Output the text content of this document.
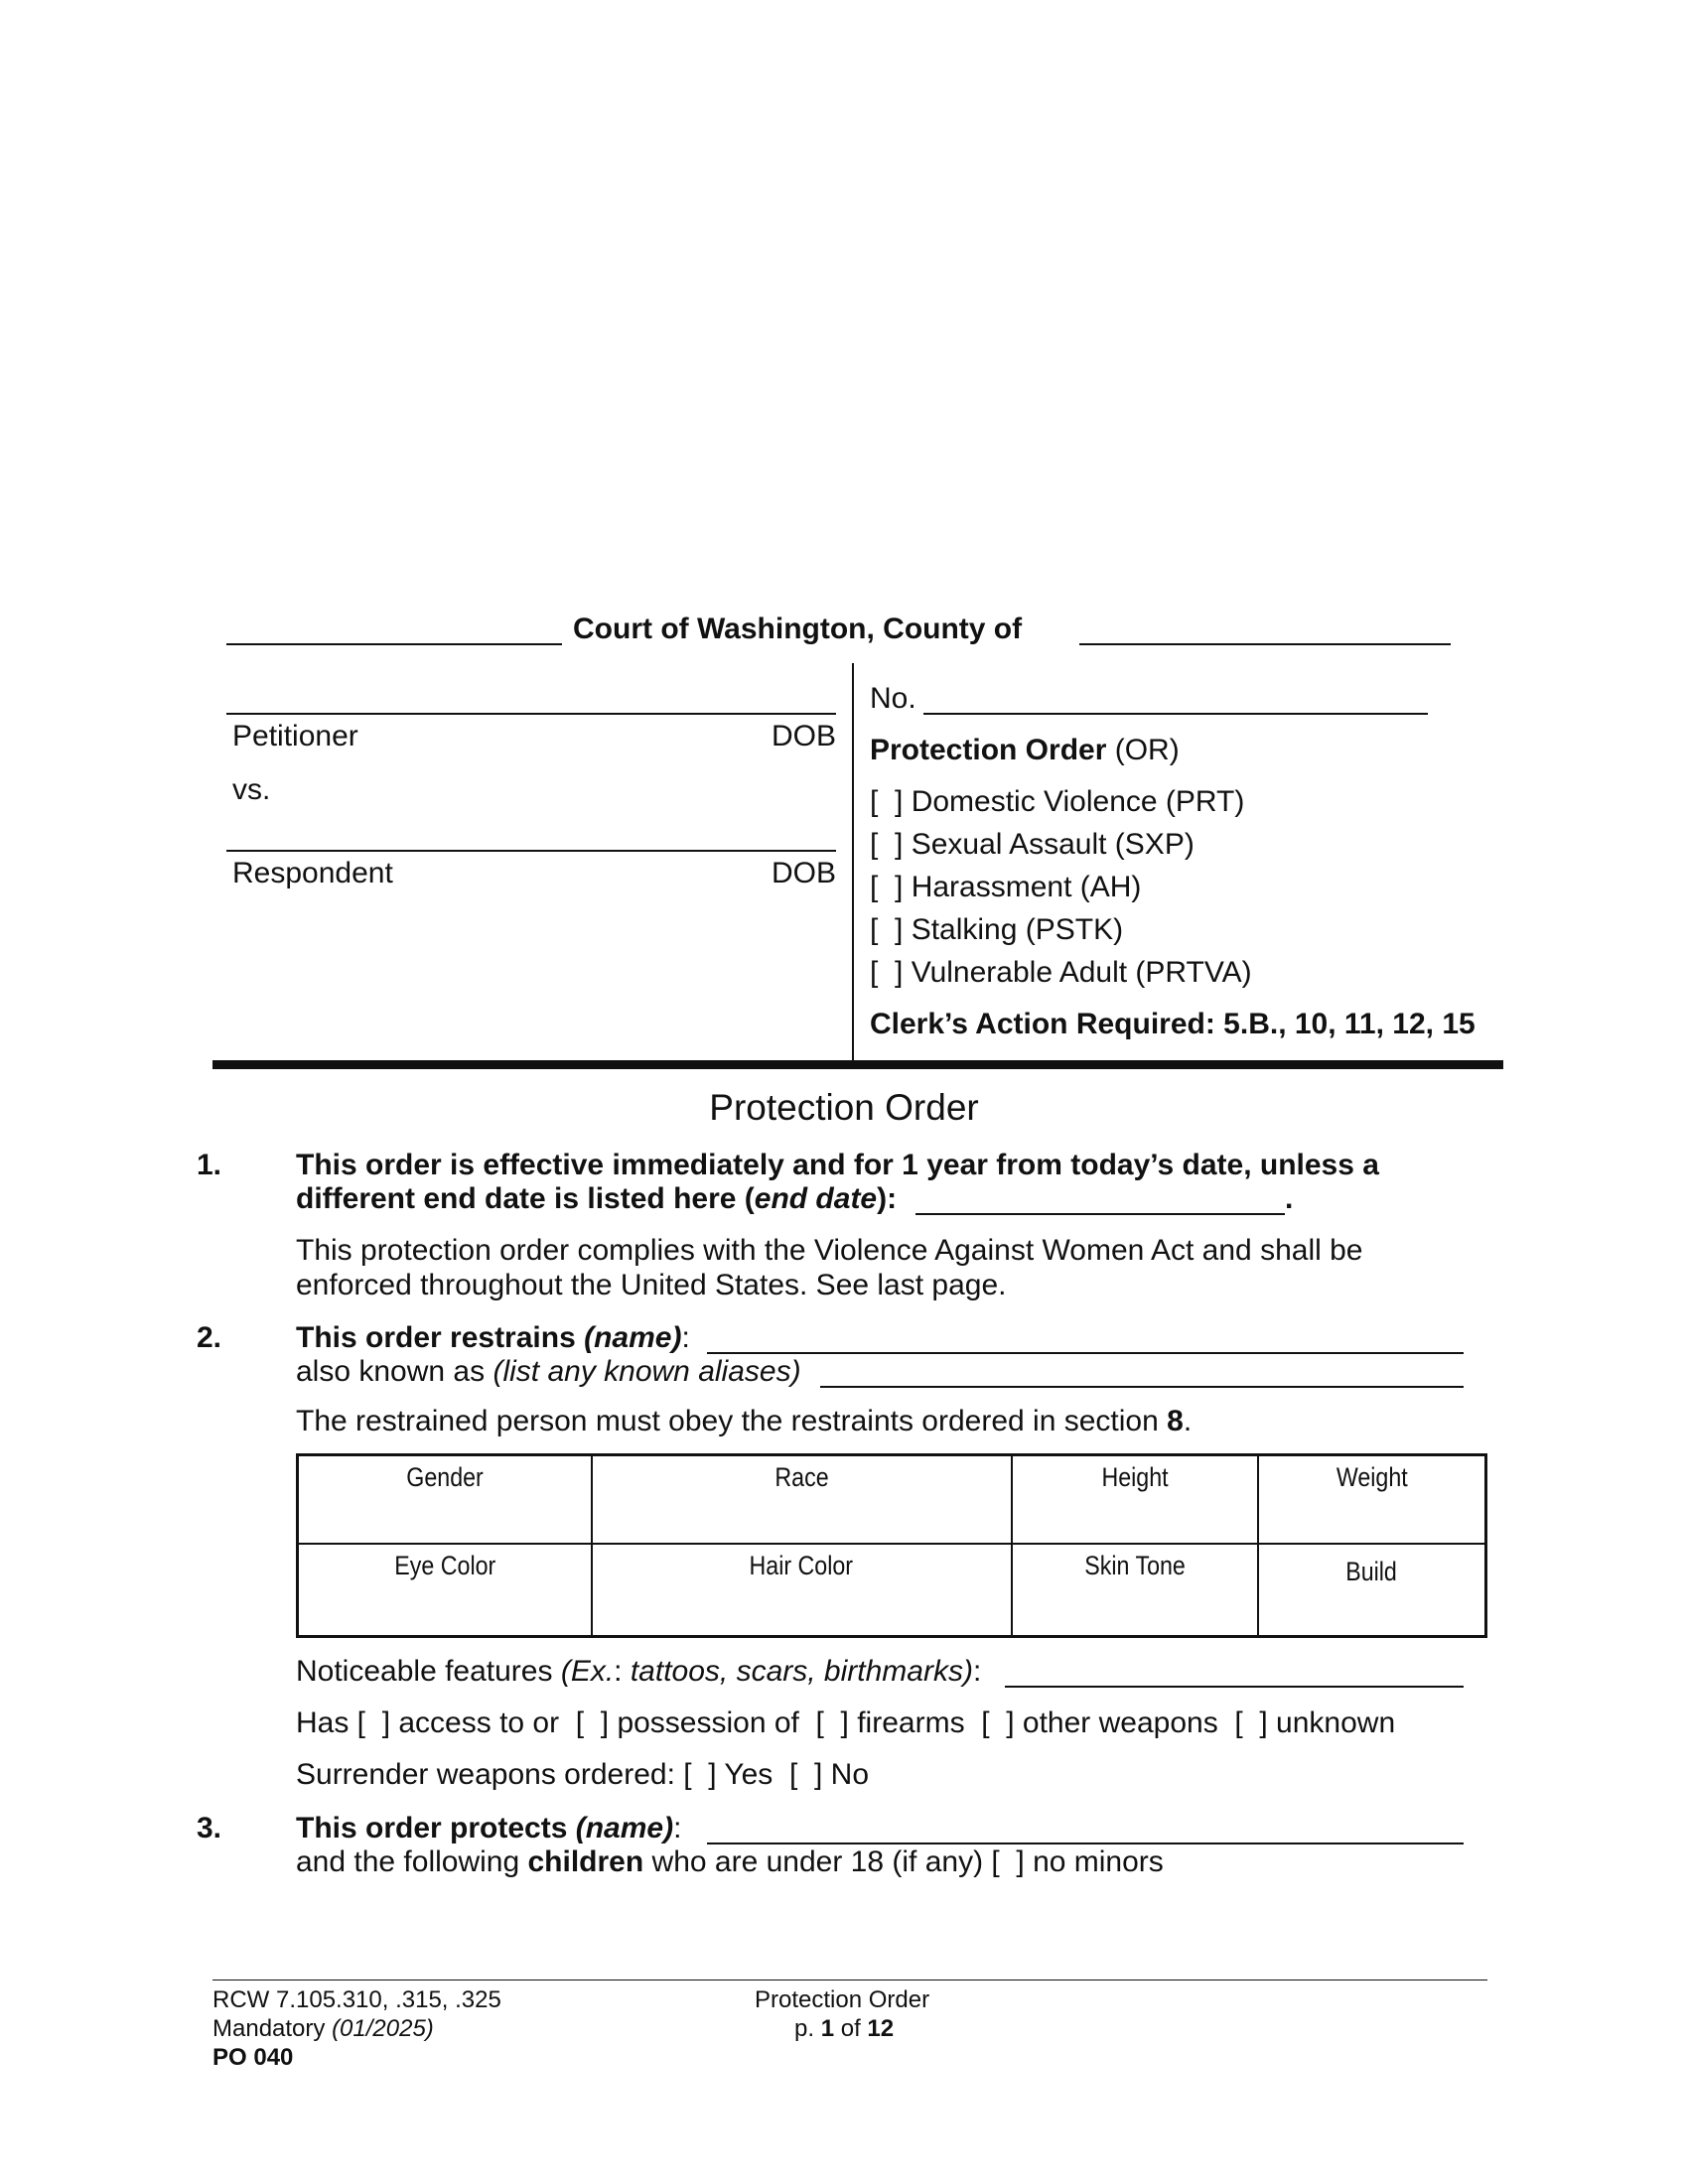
Court of Washington, County of
Petitioner	DOB
vs.
Respondent	DOB
No.
Protection Order (OR)
[  ] Domestic Violence (PRT)
[  ] Sexual Assault (SXP)
[  ] Harassment (AH)
[  ] Stalking (PSTK)
[  ] Vulnerable Adult (PRTVA)
Clerk’s Action Required: 5.B., 10, 11, 12, 15
Protection Order
1. This order is effective immediately and for 1 year from today’s date, unless a
different end date is listed here (end date):	.
This protection order complies with the Violence Against Women Act and shall be
enforced throughout the United States. See last page.
2. This order restrains (name):
also known as (list any known aliases)
The restrained person must obey the restraints ordered in section 8.
Gender	Race	Height	Weight
Eye Color	Hair Color	Skin Tone	Build
Noticeable features (Ex.: tattoos, scars, birthmarks):
Has [  ] access to or  [  ] possession of  [  ] firearms  [  ] other weapons  [  ] unknown
Surrender weapons ordered: [  ] Yes  [  ] No
3. This order protects (name):
and the following children who are under 18 (if any) [  ] no minors
RCW 7.105.310, .315, .325
Mandatory (01/2025)
PO 040
Protection Order
p. 1 of 12
